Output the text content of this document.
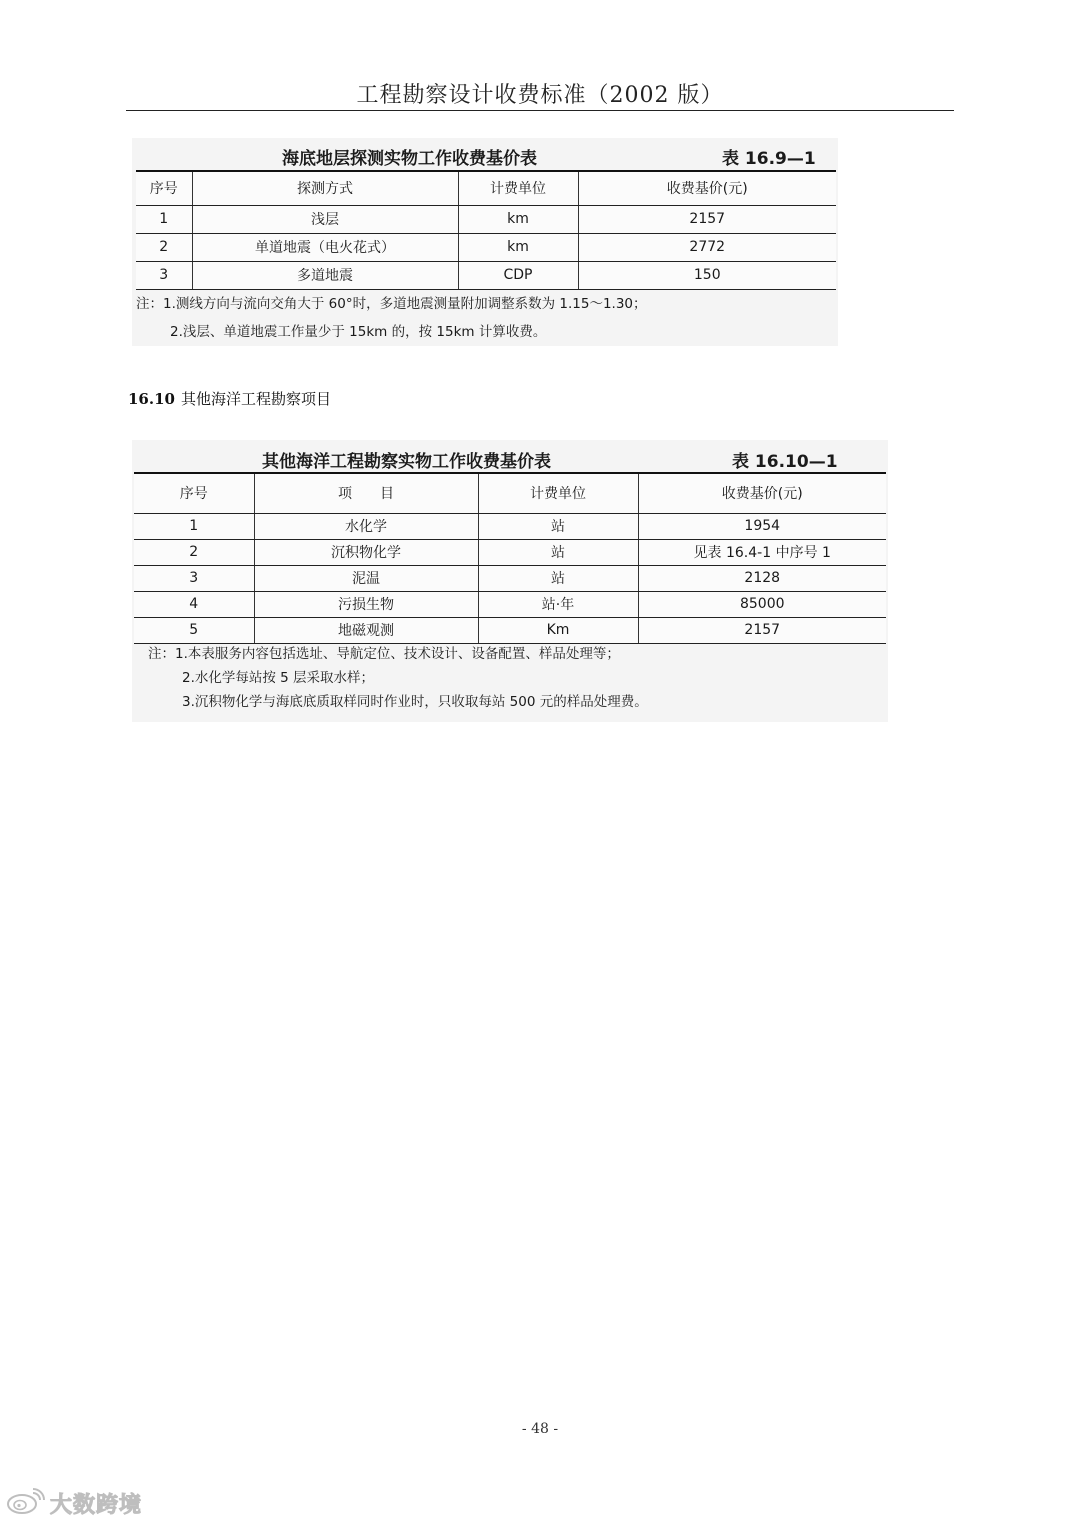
工程勘察设计收费标准（2002 版）
海底地层探测实物工作收费基价表	表 16.9—1
序号	探测方式	计费单位	收费基价(元)
1	浅层	km	2157
2	单道地震（电火花式）	km	2772
3	多道地震	CDP	150
注：1.测线方向与流向交角大于 60°时，多道地震测量附加调整系数为 1.15～1.30；
2.浅层、单道地震工作量少于 15km 的，按 15km 计算收费。
16.10 其他海洋工程勘察项目
其他海洋工程勘察实物工作收费基价表	表 16.10—1
序号	项　　目	计费单位	收费基价(元)
1	水化学	站	1954
2	沉积物化学	站	见表 16.4-1 中序号 1
3	泥温	站	2128
4	污损生物	站·年	85000
5	地磁观测	Km	2157
注：1.本表服务内容包括选址、导航定位、技术设计、设备配置、样品处理等；
2.水化学每站按 5 层采取水样；
3.沉积物化学与海底底质取样同时作业时，只收取每站 500 元的样品处理费。
- 48 -
大数跨境
